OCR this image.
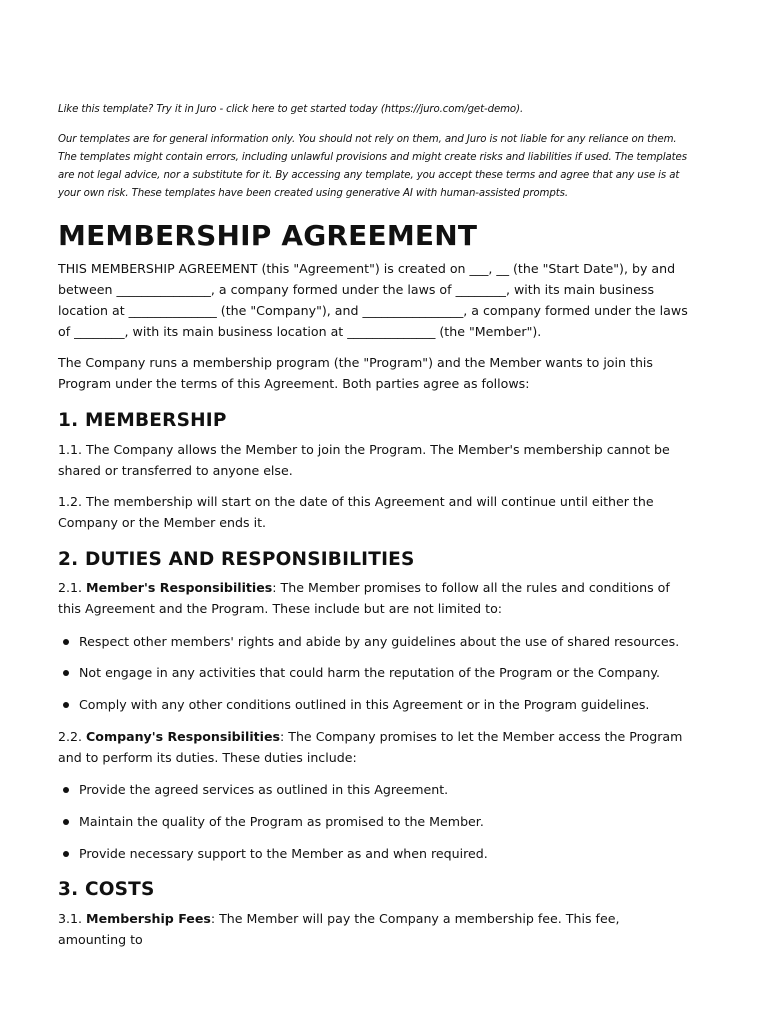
Like this template? Try it in Juro - click here to get started today (https://juro.com/get-demo).

Our templates are for general information only. You should not rely on them, and Juro is not liable for any reliance on them. The templates might contain errors, including unlawful provisions and might create risks and liabilities if used. The templates are not legal advice, nor a substitute for it. By accessing any template, you accept these terms and agree that any use is at your own risk. These templates have been created using generative AI with human-assisted prompts.

MEMBERSHIP AGREEMENT

THIS MEMBERSHIP AGREEMENT (this "Agreement") is created on ___, __ (the "Start Date"), by and between _______________, a company formed under the laws of ________, with its main business location at ______________ (the "Company"), and ________________, a company formed under the laws of ________, with its main business location at ______________ (the "Member").

The Company runs a membership program (the "Program") and the Member wants to join this Program under the terms of this Agreement. Both parties agree as follows:

1. MEMBERSHIP

1.1. The Company allows the Member to join the Program. The Member's membership cannot be shared or transferred to anyone else.

1.2. The membership will start on the date of this Agreement and will continue until either the Company or the Member ends it.

2. DUTIES AND RESPONSIBILITIES

2.1. Member's Responsibilities: The Member promises to follow all the rules and conditions of this Agreement and the Program. These include but are not limited to:

Respect other members' rights and abide by any guidelines about the use of shared resources.
Not engage in any activities that could harm the reputation of the Program or the Company.
Comply with any other conditions outlined in this Agreement or in the Program guidelines.

2.2. Company's Responsibilities: The Company promises to let the Member access the Program and to perform its duties. These duties include:

Provide the agreed services as outlined in this Agreement.
Maintain the quality of the Program as promised to the Member.
Provide necessary support to the Member as and when required.
3. COSTS

3.1. Membership Fees: The Member will pay the Company a membership fee. This fee, amounting to
